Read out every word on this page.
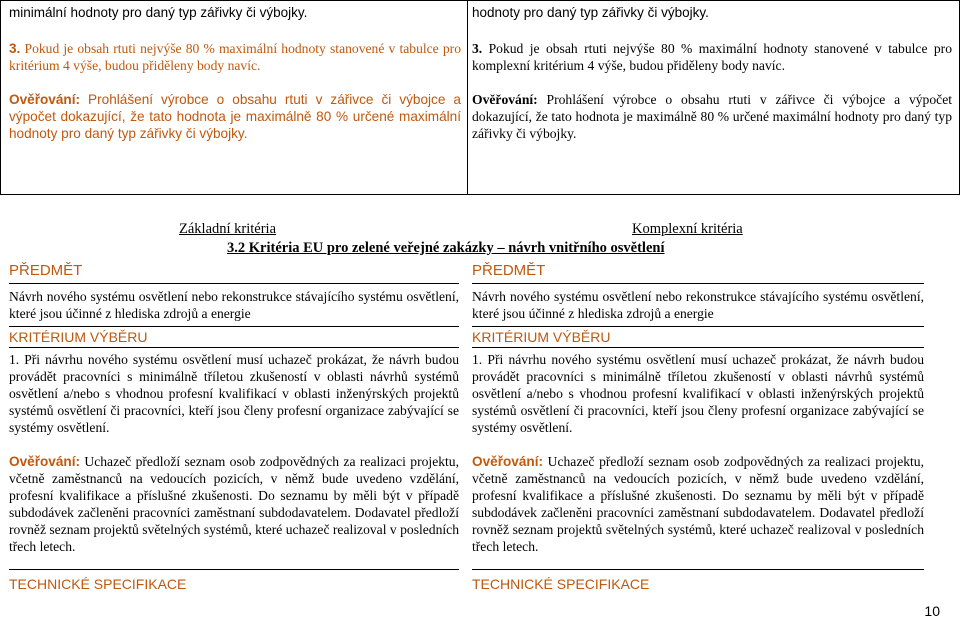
minimální hodnoty pro daný typ zářivky či výbojky.

3. Pokud je obsah rtuti nejvýše 80 % maximální hodnoty stanovené v tabulce pro kritérium 4 výše, budou přiděleny body navíc.

Ověřování: Prohlášení výrobce o obsahu rtuti v zářivce či výbojce a výpočet dokazující, že tato hodnota je maximálně 80 % určené maximální hodnoty pro daný typ zářivky či výbojky.

hodnoty pro daný typ zářivky či výbojky.

3. Pokud je obsah rtuti nejvýše 80 % maximální hodnoty stanovené v tabulce pro komplexní kritérium 4 výše, budou přiděleny body navíc.

Ověřování: Prohlášení výrobce o obsahu rtuti v zářivce či výbojce a výpočet dokazující, že tato hodnota je maximálně 80 % určené maximální hodnoty pro daný typ zářivky či výbojky.

Základní kritéria	Komplexní kritéria
3.2 Kritéria EU pro zelené veřejné zakázky – návrh vnitřního osvětlení

PŘEDMĚT

Návrh nového systému osvětlení nebo rekonstrukce stávajícího systému osvětlení, které jsou účinné z hlediska zdrojů a energie

KRITÉRIUM VÝBĚRU

1. Při návrhu nového systému osvětlení musí uchazeč prokázat, že návrh budou provádět pracovníci s minimálně tříletou zkušeností v oblasti návrhů systémů osvětlení a/nebo s vhodnou profesní kvalifikací v oblasti inženýrských projektů systémů osvětlení či pracovníci, kteří jsou členy profesní organizace zabývající se systémy osvětlení.

Ověřování: Uchazeč předloží seznam osob zodpovědných za realizaci projektu, včetně zaměstnanců na vedoucích pozicích, v němž bude uvedeno vzdělání, profesní kvalifikace a příslušné zkušenosti. Do seznamu by měli být v případě subdodávek začleněni pracovníci zaměstnaní subdodavatelem. Dodavatel předloží rovněž seznam projektů světelných systémů, které uchazeč realizoval v posledních třech letech.

TECHNICKÉ SPECIFIKACE

PŘEDMĚT

Návrh nového systému osvětlení nebo rekonstrukce stávajícího systému osvětlení, které jsou účinné z hlediska zdrojů a energie

KRITÉRIUM VÝBĚRU

1. Při návrhu nového systému osvětlení musí uchazeč prokázat, že návrh budou provádět pracovníci s minimálně tříletou zkušeností v oblasti návrhů systémů osvětlení a/nebo s vhodnou profesní kvalifikací v oblasti inženýrských projektů systémů osvětlení či pracovníci, kteří jsou členy profesní organizace zabývající se systémy osvětlení.

Ověřování: Uchazeč předloží seznam osob zodpovědných za realizaci projektu, včetně zaměstnanců na vedoucích pozicích, v němž bude uvedeno vzdělání, profesní kvalifikace a příslušné zkušenosti. Do seznamu by měli být v případě subdodávek začleněni pracovníci zaměstnaní subdodavatelem. Dodavatel předloží rovněž seznam projektů světelných systémů, které uchazeč realizoval v posledních třech letech.

TECHNICKÉ SPECIFIKACE

10
